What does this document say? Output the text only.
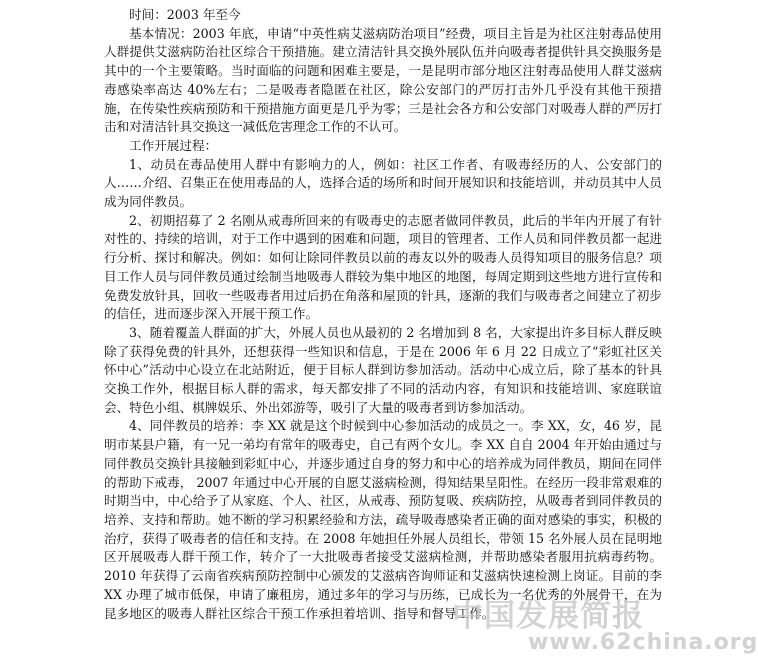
时间：2003 年至今

基本情况：2003 年底，申请“中英性病艾滋病防治项目”经费，项目主旨是为社区注射毒品使用人群提供艾滋病防治社区综合干预措施。建立清洁针具交换外展队伍并向吸毒者提供针具交换服务是其中的一个主要策略。当时面临的问题和困难主要是，一是昆明市部分地区注射毒品使用人群艾滋病毒感染率高达 40%左右；二是吸毒者隐匿在社区，除公安部门的严厉打击外几乎没有其他干预措施，在传染性疾病预防和干预措施方面更是几乎为零；三是社会各方和公安部门对吸毒人群的严厉打击和对清洁针具交换这一减低危害理念工作的不认可。

工作开展过程：

1、动员在毒品使用人群中有影响力的人，例如：社区工作者、有吸毒经历的人、公安部门的人……介绍、召集正在使用毒品的人，选择合适的场所和时间开展知识和技能培训，并动员其中人员成为同伴教员。

2、初期招募了 2 名刚从戒毒所回来的有吸毒史的志愿者做同伴教员，此后的半年内开展了有针对性的、持续的培训，对于工作中遇到的困难和问题，项目的管理者、工作人员和同伴教员都一起进行分析、探讨和解决。例如：如何让除同伴教员以前的毒友以外的吸毒人员得知项目的服务信息？项目工作人员与同伴教员通过绘制当地吸毒人群较为集中地区的地图，每周定期到这些地方进行宣传和免费发放针具，回收一些吸毒者用过后扔在角落和屋顶的针具，逐渐的我们与吸毒者之间建立了初步的信任，进而逐步深入开展干预工作。

3、随着覆盖人群面的扩大，外展人员也从最初的 2 名增加到 8 名，大家提出许多目标人群反映除了获得免费的针具外，还想获得一些知识和信息，于是在 2006 年 6 月 22 日成立了“彩虹社区关怀中心”活动中心设立在北站附近，便于目标人群到访参加活动。活动中心成立后，除了基本的针具交换工作外，根据目标人群的需求，每天都安排了不同的活动内容，有知识和技能培训、家庭联谊会、特色小组、棋牌娱乐、外出郊游等，吸引了大量的吸毒者到访参加活动。

4、同伴教员的培养：李 XX 就是这个时候到中心参加活动的成员之一。李 XX，女，46 岁，昆明市某县户籍，有一兄一弟均有常年的吸毒史，自己有两个女儿。李 XX 自自 2004 年开始由通过与同伴教员交换针具接触到彩虹中心，并逐步通过自身的努力和中心的培养成为同伴教员，期间在同伴的帮助下戒毒， 2007 年通过中心开展的自愿艾滋病检测，得知结果呈阳性。在经历一段非常艰难的时期当中，中心给予了从家庭、个人、社区，从戒毒、预防复吸、疾病防控，从吸毒者到同伴教员的培养、支持和帮助。她不断的学习积累经验和方法，疏导吸毒感染者正确的面对感染的事实，积极的治疗，获得了吸毒者的信任和支持。在 2008 年她担任外展人员组长，带领 15 名外展人员在昆明地区开展吸毒人群干预工作，转介了一大批吸毒者接受艾滋病检测，并帮助感染者服用抗病毒药物。2010 年获得了云南省疾病预防控制中心颁发的艾滋病咨询师证和艾滋病快速检测上岗证。目前的李 XX 办理了城市低保，申请了廉租房，通过多年的学习与历练，已成长为一名优秀的外展骨干，在为昆多地区的吸毒人群社区综合干预工作承担着培训、指导和督导工作。

中国发展简报
www.62china.org
